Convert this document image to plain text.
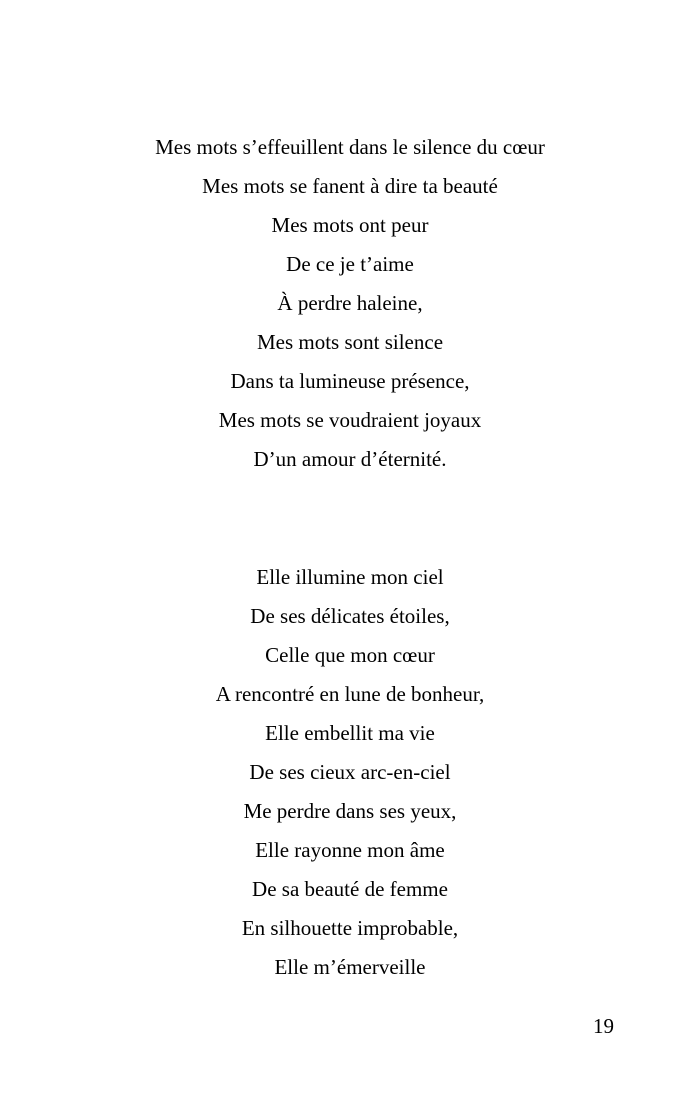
Mes mots s’effeuillent dans le silence du cœur
Mes mots se fanent à dire ta beauté
Mes mots ont peur
De ce je t’aime
À perdre haleine,
Mes mots sont silence
Dans ta lumineuse présence,
Mes mots se voudraient joyaux
D’un amour d’éternité.
Elle illumine mon ciel
De ses délicates étoiles,
Celle que mon cœur
A rencontré en lune de bonheur,
Elle embellit ma vie
De ses cieux arc-en-ciel
Me perdre dans ses yeux,
Elle rayonne mon âme
De sa beauté de femme
En silhouette improbable,
Elle m’émerveille
19
